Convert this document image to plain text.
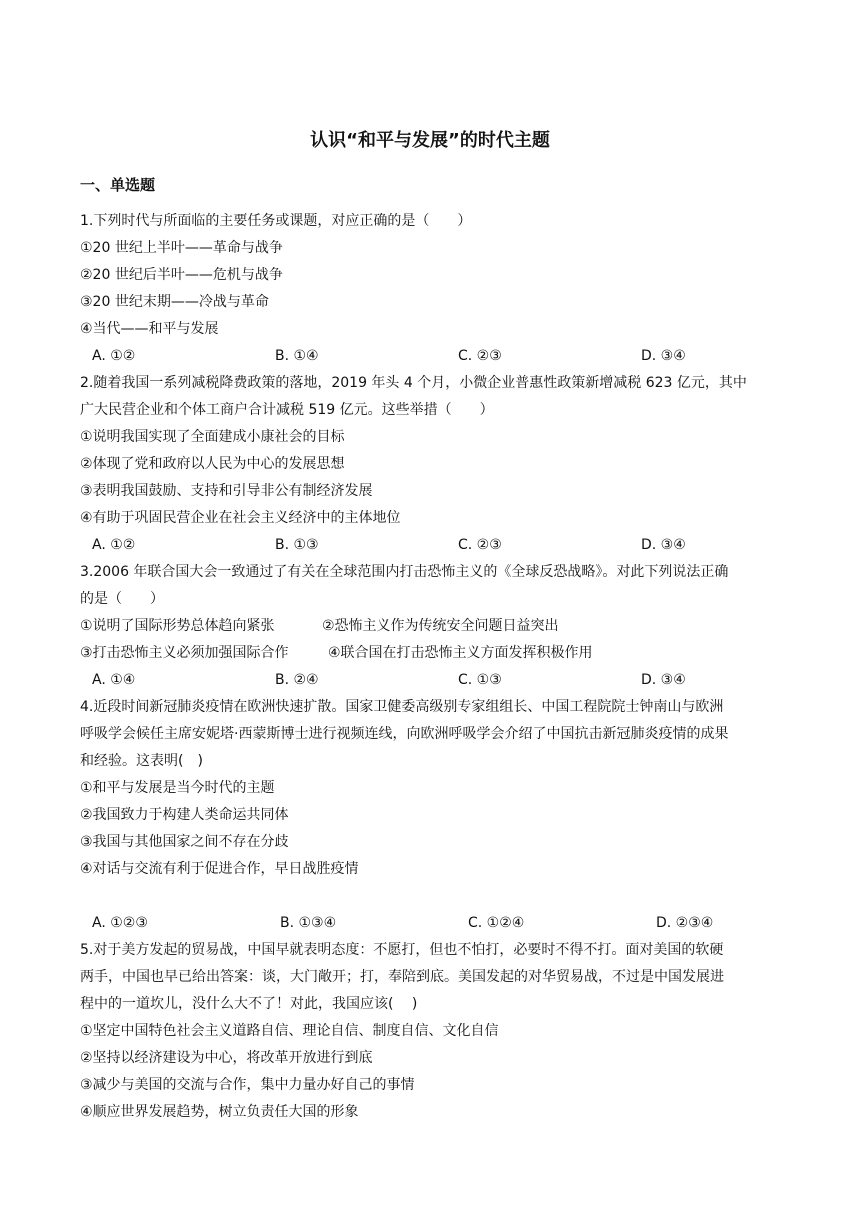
认识“和平与发展”的时代主题
一、单选题
1.下列时代与所面临的主要任务或课题，对应正确的是（　　）
①20 世纪上半叶——革命与战争
②20 世纪后半叶——危机与战争
③20 世纪末期——冷战与革命
④当代——和平与发展
A. ①②	B. ①④	C. ②③	D. ③④
2.随着我国一系列减税降费政策的落地，2019 年头 4 个月，小微企业普惠性政策新增减税 623 亿元，其中
广大民营企业和个体工商户合计减税 519 亿元。这些举措（　　）
①说明我国实现了全面建成小康社会的目标
②体现了党和政府以人民为中心的发展思想
③表明我国鼓励、支持和引导非公有制经济发展
④有助于巩固民营企业在社会主义经济中的主体地位
A. ①②	B. ①③	C. ②③	D. ③④
3.2006 年联合国大会一致通过了有关在全球范围内打击恐怖主义的《全球反恐战略》。对此下列说法正确
的是（　　）
①说明了国际形势总体趋向紧张	②恐怖主义作为传统安全问题日益突出
③打击恐怖主义必须加强国际合作	④联合国在打击恐怖主义方面发挥积极作用
A. ①④	B. ②④	C. ①③	D. ③④
4.近段时间新冠肺炎疫情在欧洲快速扩散。国家卫健委高级别专家组组长、中国工程院院士钟南山与欧洲
呼吸学会候任主席安妮塔·西蒙斯博士进行视频连线，向欧洲呼吸学会介绍了中国抗击新冠肺炎疫情的成果
和经验。这表明(　)
①和平与发展是当今时代的主题
②我国致力于构建人类命运共同体
③我国与其他国家之间不存在分歧
④对话与交流有利于促进合作，早日战胜疫情
A. ①②③	B. ①③④	C. ①②④	D. ②③④
5.对于美方发起的贸易战，中国早就表明态度：不愿打，但也不怕打，必要时不得不打。面对美国的软硬
两手，中国也早已给出答案：谈，大门敞开；打，奉陪到底。美国发起的对华贸易战，不过是中国发展进
程中的一道坎儿，没什么大不了！对此，我国应该(　 )
①坚定中国特色社会主义道路自信、理论自信、制度自信、文化自信
②坚持以经济建设为中心，将改革开放进行到底
③减少与美国的交流与合作，集中力量办好自己的事情
④顺应世界发展趋势，树立负责任大国的形象
